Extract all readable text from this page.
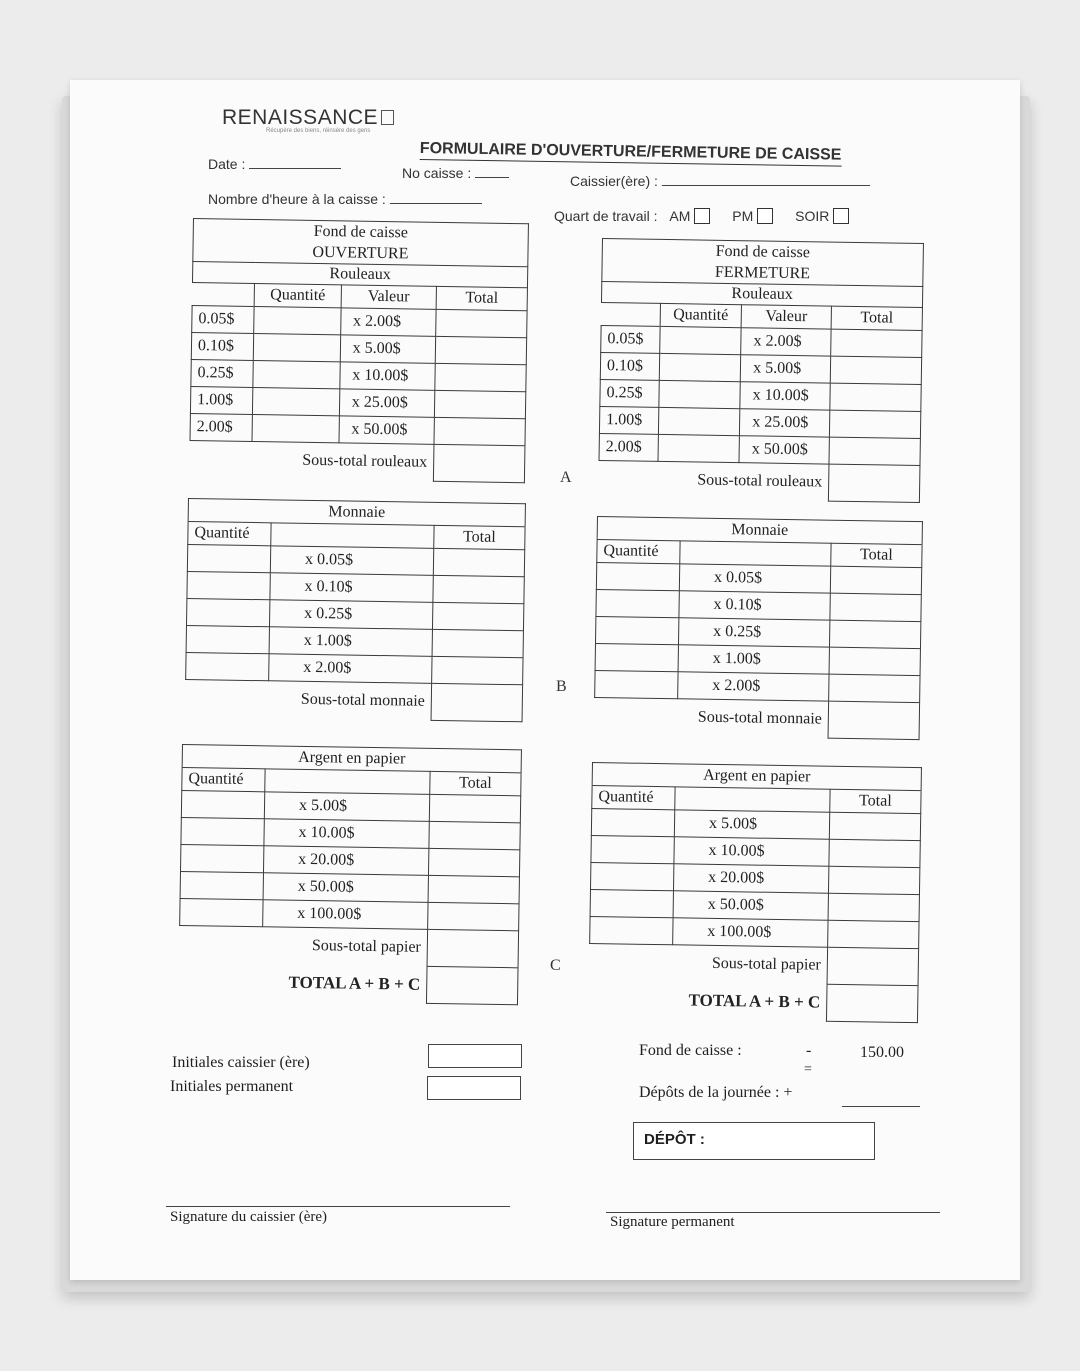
RENAISSANCE
Récupère des biens, réinsère des gens
FORMULAIRE D'OUVERTURE/FERMETURE DE CAISSE
Date :
No caisse :	Caissier(ère) :
Nombre d'heure à la caisse :
Quart de travail : AM	PM	SOIR
Fond de caisse
OUVERTURE			

Rouleaux			
	Quantité	Valeur	Total
0.05$		x 2.00$	
0.10$		x 5.00$	
0.25$		x 10.00$	
1.00$		x 25.00$	
2.00$		x 50.00$	
Sous-total rouleaux			
Monnaie		
Quantité		Total
	x 0.05$	
	x 0.10$	
	x 0.25$	
	x 1.00$	
	x 2.00$	
Sous-total monnaie		
Argent en papier		
Quantité		Total
	x 5.00$	
	x 10.00$	
	x 20.00$	
	x 50.00$	
	x 100.00$	
Sous-total papier		
TOTAL A + B + C		
A
B
C
Fond de caisse
FERMETURE			

Rouleaux			
	Quantité	Valeur	Total
0.05$		x 2.00$	
0.10$		x 5.00$	
0.25$		x 10.00$	
1.00$		x 25.00$	
2.00$		x 50.00$	
Sous-total rouleaux			
Monnaie		
Quantité		Total
	x 0.05$	
	x 0.10$	
	x 0.25$	
	x 1.00$	
	x 2.00$	
Sous-total monnaie		
Argent en papier		
Quantité		Total
	x 5.00$	
	x 10.00$	
	x 20.00$	
	x 50.00$	
	x 100.00$	
Sous-total papier		
TOTAL A + B + C		
Initiales caissier (ère)
Initiales permanent
Fond de caisse :	-	150.00
=
Dépôts de la journée : +
DÉPÔT :
Signature du caissier (ère)	Signature permanent
